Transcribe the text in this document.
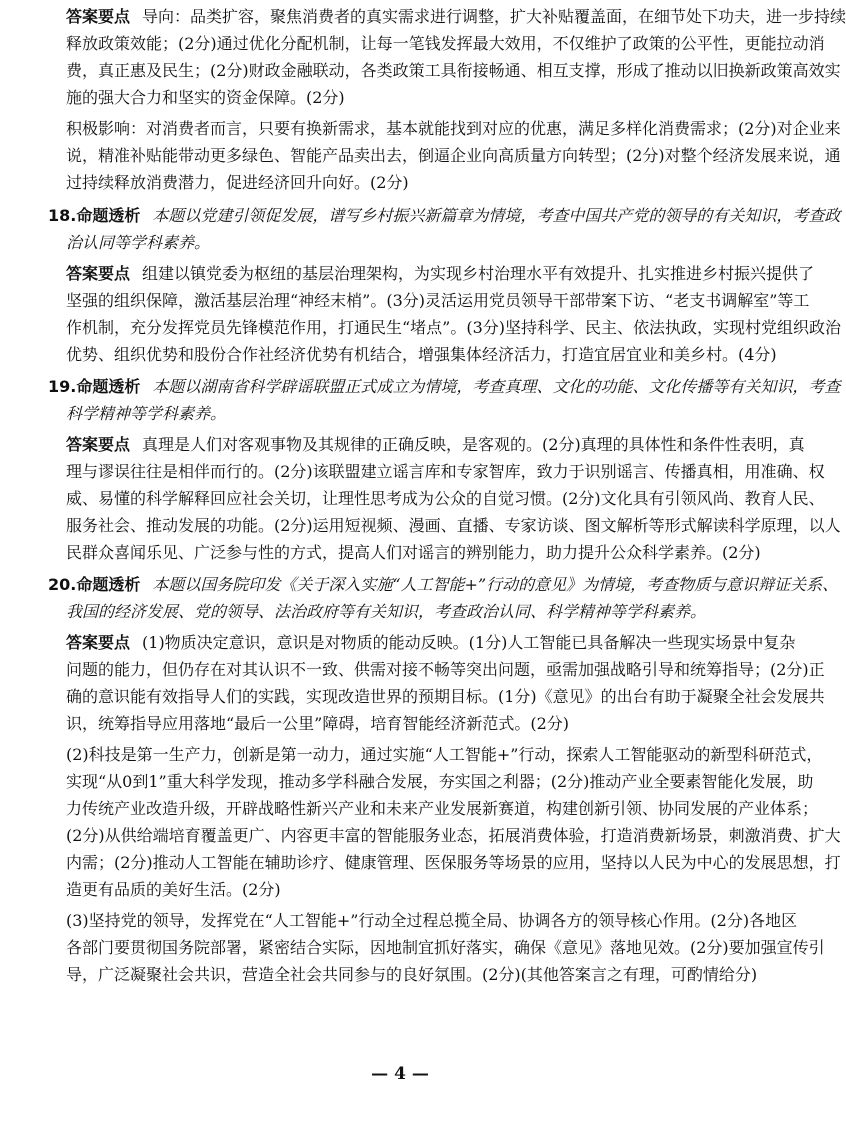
答案要点 导向：品类扩容，聚焦消费者的真实需求进行调整，扩大补贴覆盖面，在细节处下功夫，进一步持续
释放政策效能；(2分)通过优化分配机制，让每一笔钱发挥最大效用，不仅维护了政策的公平性，更能拉动消
费，真正惠及民生；(2分)财政金融联动，各类政策工具衔接畅通、相互支撑，形成了推动以旧换新政策高效实
施的强大合力和坚实的资金保障。(2分)
积极影响：对消费者而言，只要有换新需求，基本就能找到对应的优惠，满足多样化消费需求；(2分)对企业来
说，精准补贴能带动更多绿色、智能产品卖出去，倒逼企业向高质量方向转型；(2分)对整个经济发展来说，通
过持续释放消费潜力，促进经济回升向好。(2分)
18.命题透析 本题以党建引领促发展，谱写乡村振兴新篇章为情境，考查中国共产党的领导的有关知识，考查政
治认同等学科素养。
答案要点 组建以镇党委为枢纽的基层治理架构，为实现乡村治理水平有效提升、扎实推进乡村振兴提供了
坚强的组织保障，激活基层治理“神经末梢”。(3分)灵活运用党员领导干部带案下访、“老支书调解室”等工
作机制，充分发挥党员先锋模范作用，打通民生“堵点”。(3分)坚持科学、民主、依法执政，实现村党组织政治
优势、组织优势和股份合作社经济优势有机结合，增强集体经济活力，打造宜居宜业和美乡村。(4分)
19.命题透析 本题以湖南省科学辟谣联盟正式成立为情境，考查真理、文化的功能、文化传播等有关知识，考查
科学精神等学科素养。
答案要点 真理是人们对客观事物及其规律的正确反映，是客观的。(2分)真理的具体性和条件性表明，真
理与谬误往往是相伴而行的。(2分)该联盟建立谣言库和专家智库，致力于识别谣言、传播真相，用准确、权
威、易懂的科学解释回应社会关切，让理性思考成为公众的自觉习惯。(2分)文化具有引领风尚、教育人民、
服务社会、推动发展的功能。(2分)运用短视频、漫画、直播、专家访谈、图文解析等形式解读科学原理，以人
民群众喜闻乐见、广泛参与性的方式，提高人们对谣言的辨别能力，助力提升公众科学素养。(2分)
20.命题透析 本题以国务院印发《关于深入实施“人工智能+”行动的意见》为情境，考查物质与意识辩证关系、
我国的经济发展、党的领导、法治政府等有关知识，考查政治认同、科学精神等学科素养。
答案要点 (1)物质决定意识，意识是对物质的能动反映。(1分)人工智能已具备解决一些现实场景中复杂
问题的能力，但仍存在对其认识不一致、供需对接不畅等突出问题，亟需加强战略引导和统筹指导；(2分)正
确的意识能有效指导人们的实践，实现改造世界的预期目标。(1分)《意见》的出台有助于凝聚全社会发展共
识，统筹指导应用落地“最后一公里”障碍，培育智能经济新范式。(2分)
(2)科技是第一生产力，创新是第一动力，通过实施“人工智能+”行动，探索人工智能驱动的新型科研范式，
实现“从0到1”重大科学发现，推动多学科融合发展，夯实国之利器；(2分)推动产业全要素智能化发展，助
力传统产业改造升级，开辟战略性新兴产业和未来产业发展新赛道，构建创新引领、协同发展的产业体系；
(2分)从供给端培育覆盖更广、内容更丰富的智能服务业态，拓展消费体验，打造消费新场景，刺激消费、扩大
内需；(2分)推动人工智能在辅助诊疗、健康管理、医保服务等场景的应用，坚持以人民为中心的发展思想，打
造更有品质的美好生活。(2分)
(3)坚持党的领导，发挥党在“人工智能+”行动全过程总揽全局、协调各方的领导核心作用。(2分)各地区
各部门要贯彻国务院部署，紧密结合实际，因地制宜抓好落实，确保《意见》落地见效。(2分)要加强宣传引
导，广泛凝聚社会共识，营造全社会共同参与的良好氛围。(2分)(其他答案言之有理，可酌情给分)
— 4 —
